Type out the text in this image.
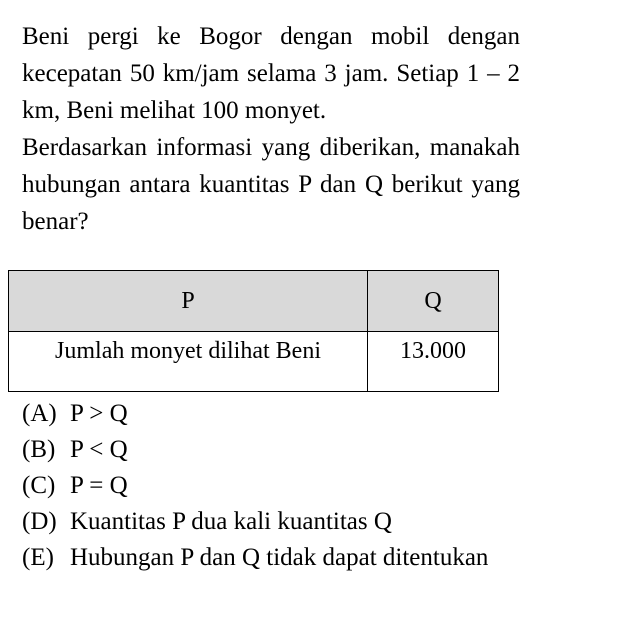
Beni pergi ke Bogor dengan mobil dengan kecepatan 50 km/jam selama 3 jam. Setiap 1 – 2 km, Beni melihat 100 monyet.

Berdasarkan informasi yang diberikan, manakah hubungan antara kuantitas P dan Q berikut yang benar?

P	Q
Jumlah monyet dilihat Beni	13.000
(A) P > Q
(B) P < Q
(C) P = Q
(D) Kuantitas P dua kali kuantitas Q
(E) Hubungan P dan Q tidak dapat ditentukan
